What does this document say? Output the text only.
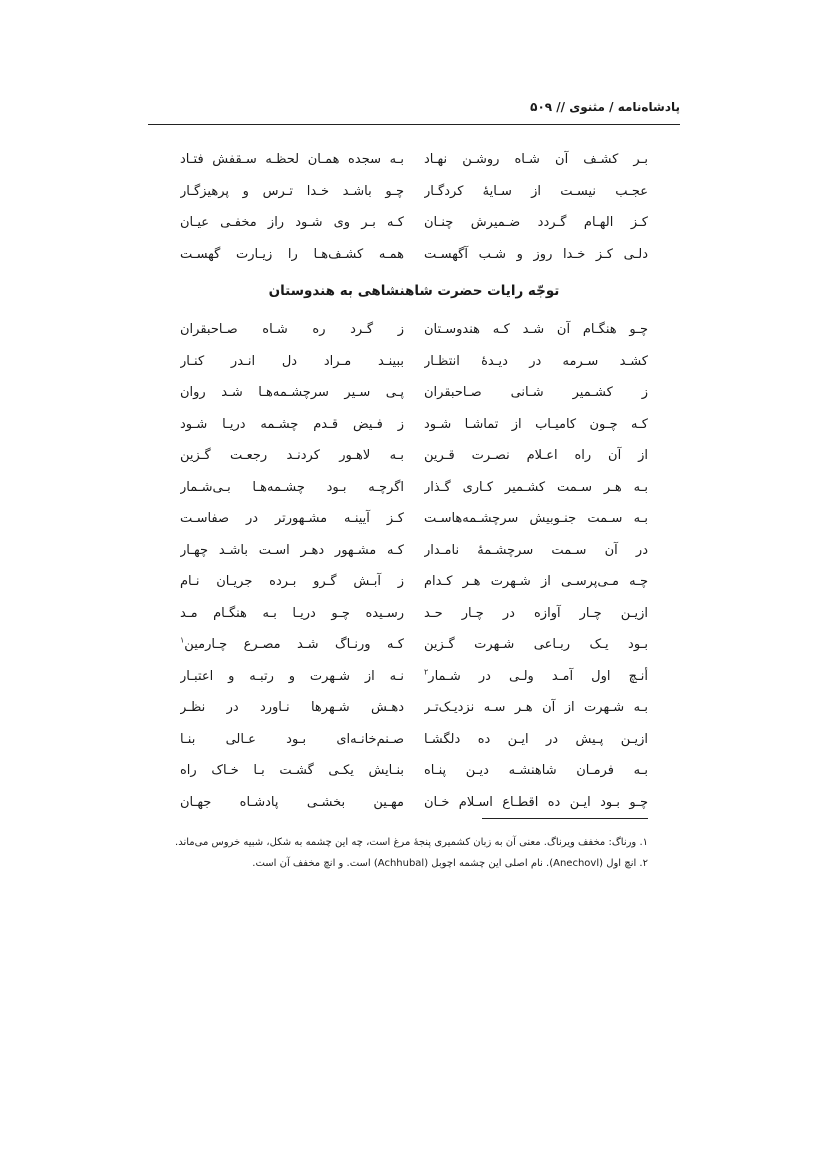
پادشاه‌نامه / مثنوی // ۵۰۹
بـر کشـف آن شـاه روشـن نهـاد
بـه سجده همـان لحظـه سـقفش فتـاد
عجـب نیسـت از سـایهٔ کردگـار
چـو باشـد خـدا تـرس و پرهیزگـار
کـز الهـام گـردد ضـمیرش چنـان
کـه بـر وی شـود راز مخفـی عیـان
دلـی کـز خـدا روز و شـب آگهسـت
همـه کشـف‌هـا را زیـارت گهسـت
توجّه رایات حضرت شاهنشاهی به هندوستان
چـو هنگـام آن شـد کـه هندوسـتان
ز گـرد ره شـاه صـاحبقران
کشـد سـرمه در دیـدهٔ انتظـار
ببینـد مـراد دل انـدر کنـار
ز کشـمیر شـانی صـاحبقران
پـی سـیر سرچشـمه‌هـا شـد روان
کـه چـون کامیـاب از تماشـا شـود
ز فـیض قـدم چشـمه دریـا شـود
از آن راه اعـلام نصـرت قـرین
بـه لاهـور کردنـد رجعـت گـزین
بـه هـر سـمت کشـمیر کـاری گـذار
اگرچـه بـود چشـمه‌هـا بـی‌شـمار
بـه سـمت جنـوبیش سرچشـمه‌هاسـت
کـز آیینـه مشـهورتر در صفاسـت
در آن سـمت سرچشـمهٔ نامـدار
کـه مشـهور دهـر اسـت باشـد چهـار
چـه مـی‌پرسـی از شـهرت هـر کـدام
ز آبـش گـرو بـرده جریـان نـام
ازیـن چـار آوازه در چـار حـد
رسـیده چـو دریـا بـه هنگـام مـد
بـود یـک ربـاعی شـهرت گـزین
کـه ورنـاگ شـد مصـرع چـارمین$^۱$
أنـچ اول آمـد ولـی در شـمار$^۲$
نـه از شـهرت و رتبـه و اعتبـار
بـه شـهرت از آن هـر سـه نزدیـک‌تـر
دهـش شـهرها نـاورد در نظـر
ازیـن پـیش در ایـن ده دلگشـا
صـنم‌خانـه‌ای بـود عـالی بنـا
بـه فرمـان شاهنشـه دیـن پنـاه
بنـایش یکـی گشـت بـا خـاک راه
چـو بـود ایـن ده اقطـاع اسـلام خـان
مهـین بخشـی پادشـاه جهـان
۱. ورناگ: مخفف ویرناگ. معنی آن به زبان کشمیری پنجهٔ مرغ است، چه این چشمه به شکل، شبیه خروس می‌ماند.
۲. انچ اول (Anechovl). نام اصلی این چشمه اچوبل (Achhubal) است. و انچ مخفف آن است.
